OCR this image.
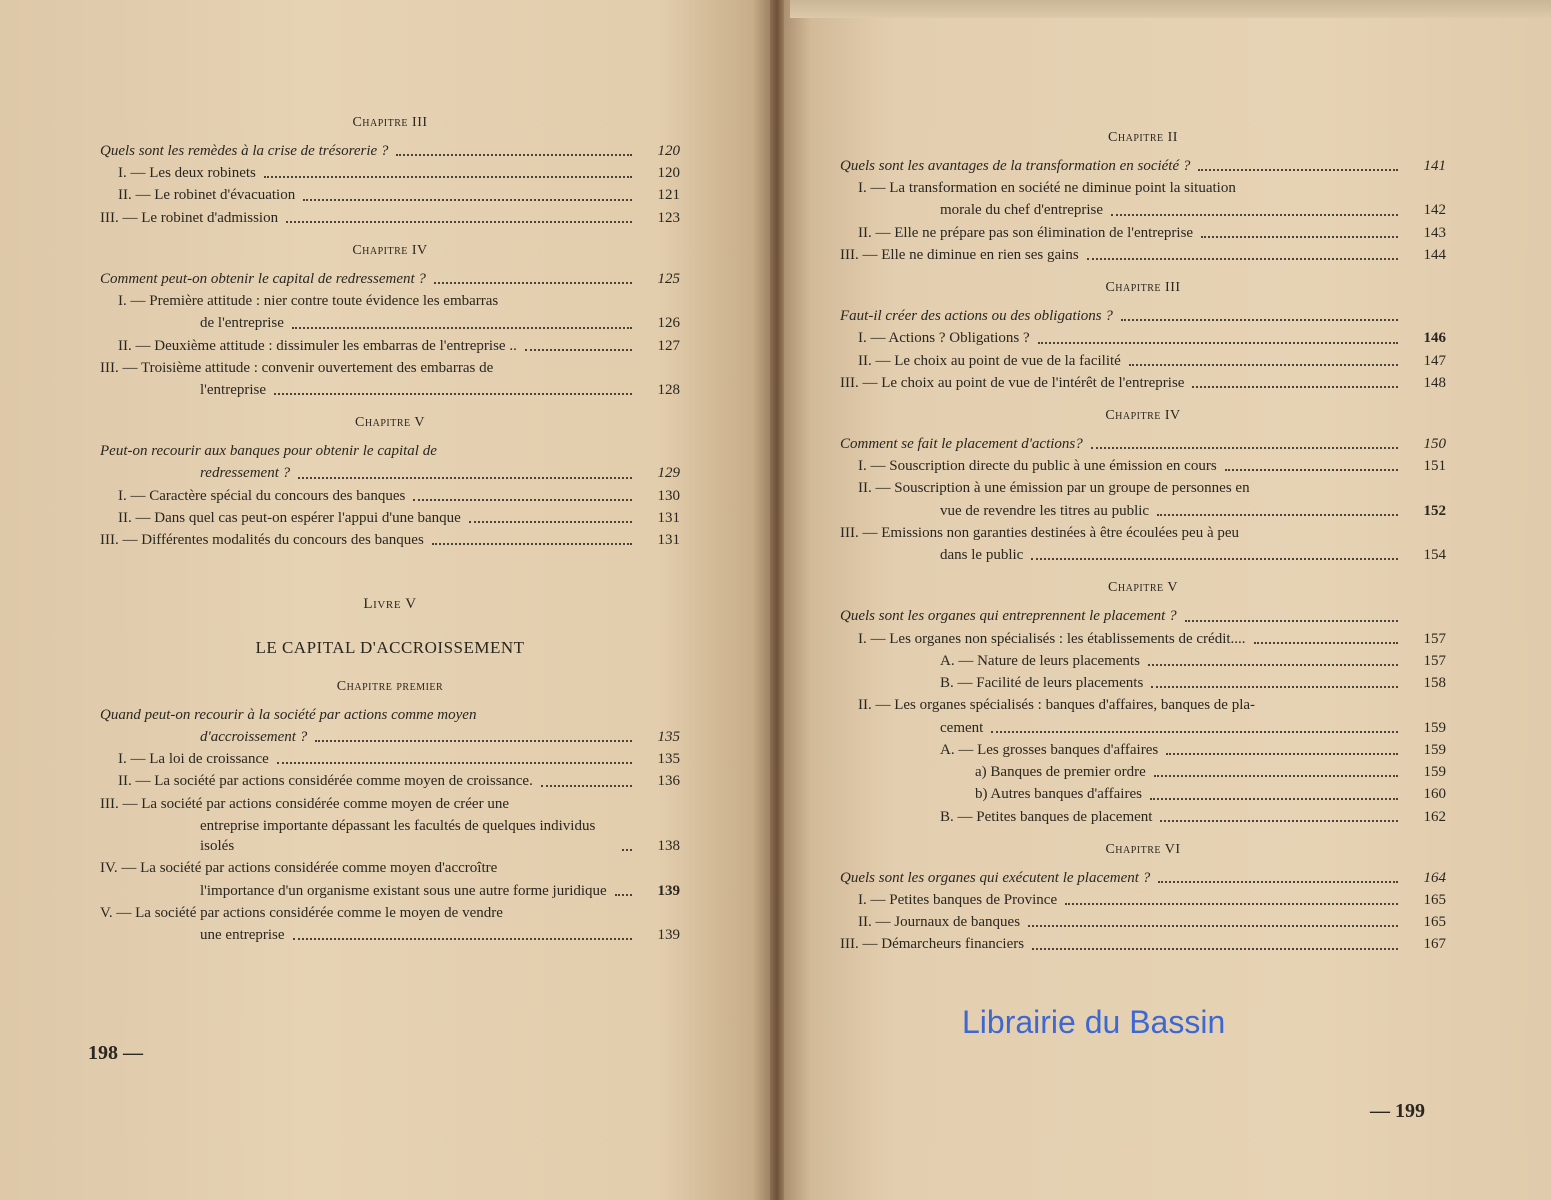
Chapitre III
Quels sont les remèdes à la crise de trésorerie ?	120
I. — Les deux robinets	120
II. — Le robinet d'évacuation	121
III. — Le robinet d'admission	123
Chapitre IV
Comment peut-on obtenir le capital de redressement ?	125
I. — Première attitude : nier contre toute évidence les embarras
de l'entreprise	126
II. — Deuxième attitude : dissimuler les embarras de l'entreprise ..	127
III. — Troisième attitude : convenir ouvertement des embarras de
l'entreprise	128
Chapitre V
Peut-on recourir aux banques pour obtenir le capital de
redressement ?	129
I. — Caractère spécial du concours des banques	130
II. — Dans quel cas peut-on espérer l'appui d'une banque	131
III. — Différentes modalités du concours des banques	131
Livre V
LE CAPITAL D'ACCROISSEMENT
Chapitre premier
Quand peut-on recourir à la société par actions comme moyen
d'accroissement ?	135
I. — La loi de croissance	135
II. — La société par actions considérée comme moyen de croissance.	136
III. — La société par actions considérée comme moyen de créer une
entreprise importante dépassant les facultés de quelques individus isolés	138
IV. — La société par actions considérée comme moyen d'accroître
l'importance d'un organisme existant sous une autre forme juridique	139
V. — La société par actions considérée comme le moyen de vendre
une entreprise	139
Chapitre II
Quels sont les avantages de la transformation en société ?	141
I. — La transformation en société ne diminue point la situation
morale du chef d'entreprise	142
II. — Elle ne prépare pas son élimination de l'entreprise	143
III. — Elle ne diminue en rien ses gains	144
Chapitre III
Faut-il créer des actions ou des obligations ?
I. — Actions ? Obligations ?	146
II. — Le choix au point de vue de la facilité	147
III. — Le choix au point de vue de l'intérêt de l'entreprise	148
Chapitre IV
Comment se fait le placement d'actions?	150
I. — Souscription directe du public à une émission en cours	151
II. — Souscription à une émission par un groupe de personnes en
vue de revendre les titres au public	152
III. — Emissions non garanties destinées à être écoulées peu à peu
dans le public	154
Chapitre V
Quels sont les organes qui entreprennent le placement ?
I. — Les organes non spécialisés : les établissements de crédit....	157
A. — Nature de leurs placements	157
B. — Facilité de leurs placements	158
II. — Les organes spécialisés : banques d'affaires, banques de pla-
cement	159
A. — Les grosses banques d'affaires	159
a) Banques de premier ordre	159
b) Autres banques d'affaires	160
B. — Petites banques de placement	162
Chapitre VI
Quels sont les organes qui exécutent le placement ?	164
I. — Petites banques de Province	165
II. — Journaux de banques	165
III. — Démarcheurs financiers	167
198 —
— 199
Librairie du Bassin
